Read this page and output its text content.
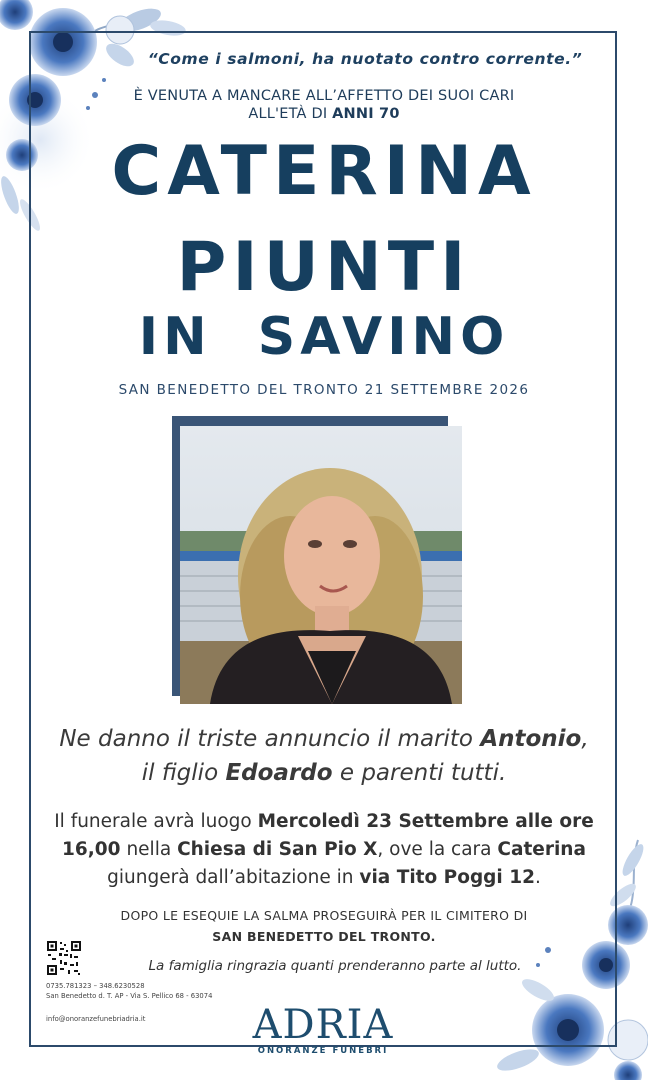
“Come i salmoni, ha nuotato contro corrente.”
È VENUTA A MANCARE ALL’AFFETTO DEI SUOI CARI
ALL'ETÀ DI ANNI 70
CATERINA
PIUNTI
IN  SAVINO
SAN BENEDETTO DEL TRONTO 21 SETTEMBRE 2026
Ne danno il triste annuncio il marito Antonio,
il figlio Edoardo e parenti tutti.
Il funerale avrà luogo Mercoledì 23 Settembre alle ore 16,00 nella Chiesa di San Pio X, ove la cara Caterina giungerà dall’abitazione in via Tito Poggi 12.
DOPO LE ESEQUIE LA SALMA PROSEGUIRÀ PER IL CIMITERO DI
SAN BENEDETTO DEL TRONTO.
La famiglia ringrazia quanti prenderanno parte al lutto.
0735.781323 – 348.6230528
San Benedetto d. T. AP - Via S. Pellico 68 - 63074
info@onoranzefunebriadria.it	ADRIA
ONORANZE FUNEBRI
